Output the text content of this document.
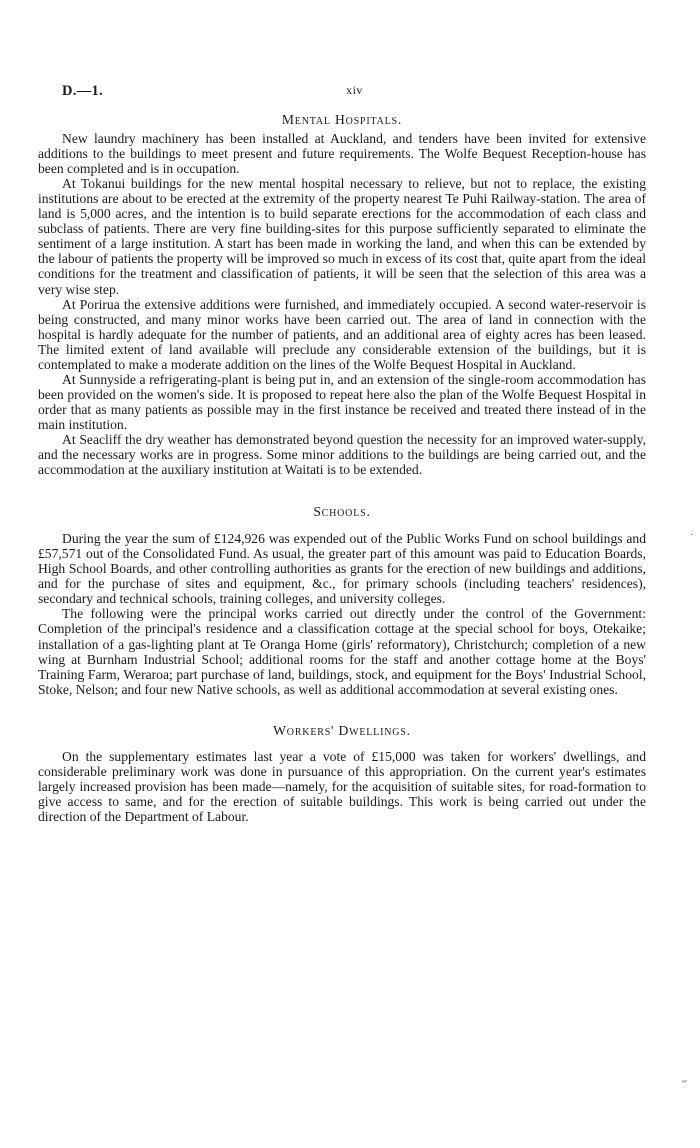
D.—1.	xiv
Mental Hospitals.

New laundry machinery has been installed at Auckland, and tenders have been invited for extensive additions to the buildings to meet present and future requirements. The Wolfe Bequest Reception-house has been completed and is in occupation.

At Tokanui buildings for the new mental hospital necessary to relieve, but not to replace, the existing institutions are about to be erected at the extremity of the property nearest Te Puhi Railway-station. The area of land is 5,000 acres, and the intention is to build separate erections for the accommodation of each class and subclass of patients. There are very fine building-sites for this purpose sufficiently separated to eliminate the sentiment of a large institution. A start has been made in working the land, and when this can be extended by the labour of patients the property will be improved so much in excess of its cost that, quite apart from the ideal conditions for the treatment and classification of patients, it will be seen that the selection of this area was a very wise step.

At Porirua the extensive additions were furnished, and immediately occupied. A second water-reservoir is being constructed, and many minor works have been carried out. The area of land in connection with the hospital is hardly adequate for the number of patients, and an additional area of eighty acres has been leased. The limited extent of land available will preclude any considerable extension of the buildings, but it is contemplated to make a moderate addition on the lines of the Wolfe Bequest Hospital in Auckland.

At Sunnyside a refrigerating-plant is being put in, and an extension of the single-room accommodation has been provided on the women's side. It is proposed to repeat here also the plan of the Wolfe Bequest Hospital in order that as many patients as possible may in the first instance be received and treated there instead of in the main institution.

At Seacliff the dry weather has demonstrated beyond question the necessity for an improved water-supply, and the necessary works are in progress. Some minor additions to the buildings are being carried out, and the accommodation at the auxiliary institution at Waitati is to be extended.

Schools.

During the year the sum of £124,926 was expended out of the Public Works Fund on school buildings and £57,571 out of the Consolidated Fund. As usual, the greater part of this amount was paid to Education Boards, High School Boards, and other controlling authorities as grants for the erection of new buildings and additions, and for the purchase of sites and equipment, &c., for primary schools (including teachers' residences), secondary and technical schools, training colleges, and university colleges.

The following were the principal works carried out directly under the control of the Government: Completion of the principal's residence and a classification cottage at the special school for boys, Otekaike; installation of a gas-lighting plant at Te Oranga Home (girls' reformatory), Christchurch; completion of a new wing at Burnham Industrial School; additional rooms for the staff and another cottage home at the Boys' Training Farm, Weraroa; part purchase of land, buildings, stock, and equipment for the Boys' Industrial School, Stoke, Nelson; and four new Native schools, as well as additional accommodation at several existing ones.

Workers' Dwellings.

On the supplementary estimates last year a vote of £15,000 was taken for workers' dwellings, and considerable preliminary work was done in pursuance of this appropriation. On the current year's estimates largely increased provision has been made—namely, for the acquisition of suitable sites, for road-formation to give access to same, and for the erection of suitable buildings. This work is being carried out under the direction of the Department of Labour.

·
˶
